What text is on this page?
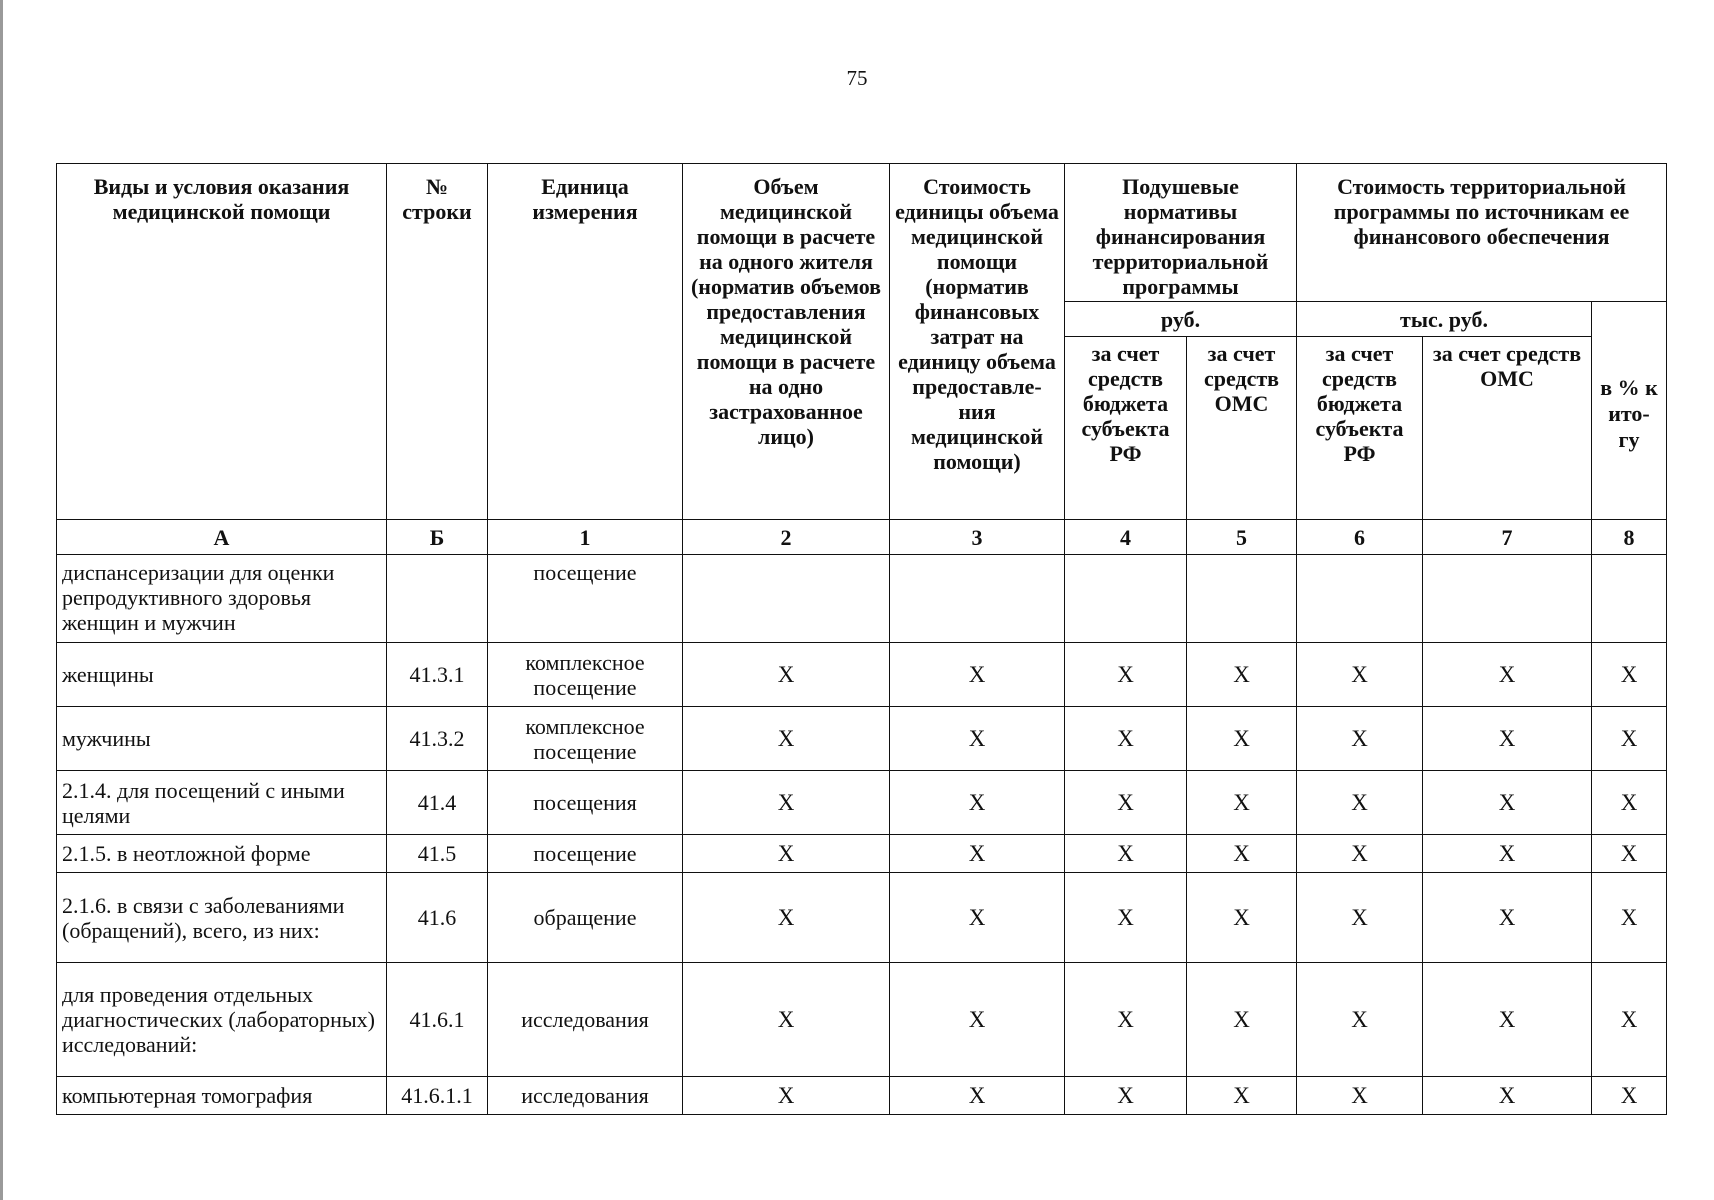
75
Виды и условия оказания медицинской помощи	№ строки	Единица измерения	Объем медицинской помощи в расчете на одного жителя (норматив объемов предоставления медицинской помощи в расчете на одно застрахованное лицо)	Стоимость единицы объема медицинской помощи (норматив финансовых затрат на единицу объема предоставле- ния медицинской помощи)	Подушевые нормативы финансирования территориальной программы		Стоимость территориальной программы по источникам ее финансового обеспечения		
					руб.		тыс. руб.		в % к ито- гу
					за счет средств бюджета субъекта РФ	за счет средств ОМС	за счет средств бюджета субъекта РФ	за счет средств ОМС	
А	Б	1	2	3	4	5	6	7	8
диспансеризации для оценки репродуктивного здоровья женщин и мужчин		посещение							
женщины	41.3.1	комплексное посещение	X	X	X	X	X	X	X
мужчины	41.3.2	комплексное посещение	X	X	X	X	X	X	X
2.1.4. для посещений с иными целями	41.4	посещения	X	X	X	X	X	X	X
2.1.5. в неотложной форме	41.5	посещение	X	X	X	X	X	X	X
2.1.6. в связи с заболеваниями (обращений), всего, из них:	41.6	обращение	X	X	X	X	X	X	X
для проведения отдельных диагностических (лабораторных) исследований:	41.6.1	исследования	X	X	X	X	X	X	X
компьютерная томография	41.6.1.1	исследования	X	X	X	X	X	X	X
